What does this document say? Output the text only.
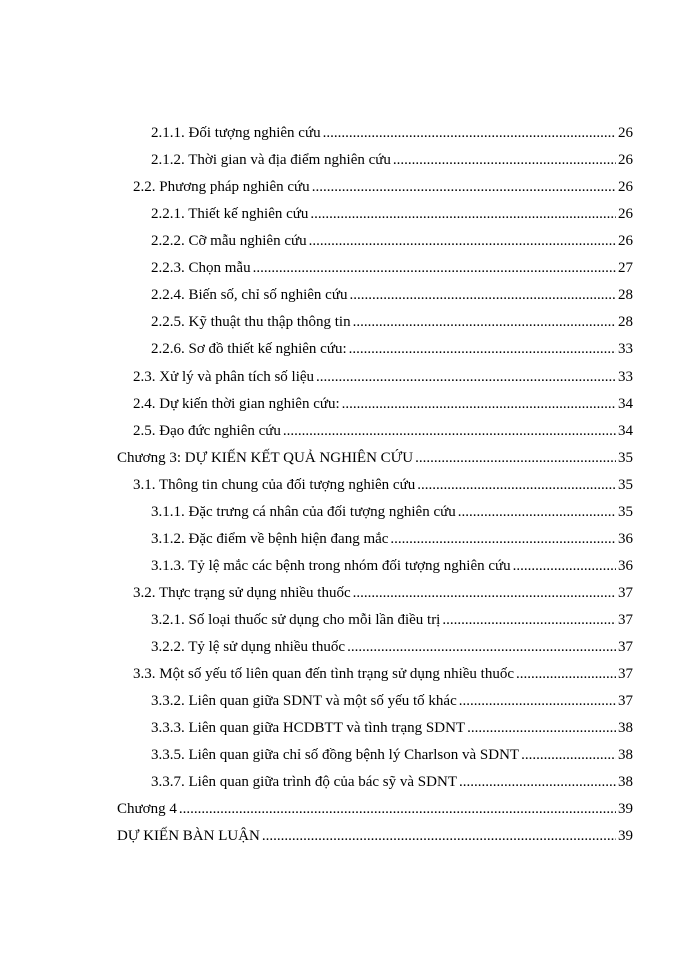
2.1.1. Đối tượng nghiên cứu .....	26
2.1.2. Thời gian và địa điểm nghiên cứu .....	26
2.2. Phương pháp nghiên cứu .....	26
2.2.1. Thiết kế nghiên cứu .....	26
2.2.2. Cỡ mẫu nghiên cứu .....	26
2.2.3. Chọn mẫu .....	27
2.2.4. Biến số, chỉ số nghiên cứu .....	28
2.2.5. Kỹ thuật thu thập thông tin .....	28
2.2.6. Sơ đồ thiết kế nghiên cứu: .....	33
2.3. Xử lý và phân tích số liệu .....	33
2.4. Dự kiến thời gian nghiên cứu: .....	34
2.5. Đạo đức nghiên cứu .....	34
Chương 3: DỰ KIẾN KẾT QUẢ NGHIÊN CỨU .....	35
3.1. Thông tin chung của đối tượng nghiên cứu .....	35
3.1.1. Đặc trưng cá nhân của đối tượng nghiên cứu .....	35
3.1.2. Đặc điểm về bệnh hiện đang mắc .....	36
3.1.3. Tỷ lệ mắc các bệnh trong nhóm đối tượng nghiên cứu .....	36
3.2. Thực trạng sử dụng nhiều thuốc .....	37
3.2.1. Số loại thuốc sử dụng cho mỗi lần điều trị .....	37
3.2.2. Tỷ lệ sử dụng nhiều thuốc .....	37
3.3. Một số yếu tố liên quan đến tình trạng sử dụng nhiều thuốc .....	37
3.3.2. Liên quan giữa SDNT và một số yếu tố khác .....	37
3.3.3. Liên quan giữa HCDBTT và tình trạng SDNT .....	38
3.3.5. Liên quan giữa chỉ số đồng bệnh lý Charlson và SDNT .....	38
3.3.7. Liên quan giữa trình độ của bác sỹ và SDNT .....	38
Chương 4 .....	39
DỰ KIẾN BÀN LUẬN .....	39
